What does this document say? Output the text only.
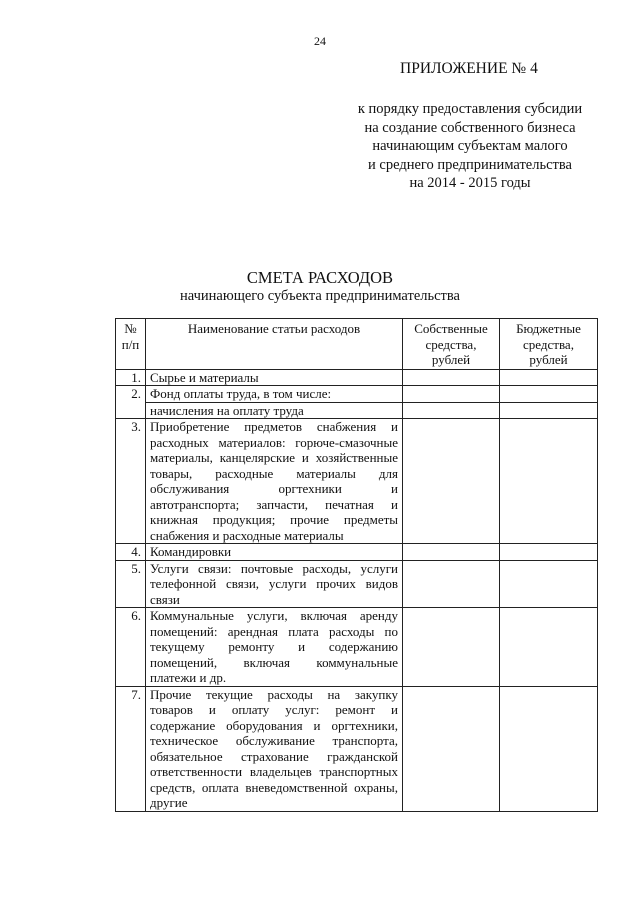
24
ПРИЛОЖЕНИЕ № 4
к порядку предоставления субсидии
на создание собственного бизнеса
начинающим субъектам малого
и среднего предпринимательства
на 2014 - 2015 годы
СМЕТА РАСХОДОВ
начинающего субъекта предпринимательства
№ п/п	Наименование статьи расходов	Собственные средства, рублей	Бюджетные средства, рублей
1.	Сырье и материалы		
2.	Фонд оплаты труда, в том числе:		
	начисления на оплату труда		
3.	Приобретение предметов снабжения и расходных материалов: горюче-смазочные материалы, канцелярские и хозяйственные товары, расходные материалы для обслуживания оргтехники и автотранспорта; запчасти, печатная и книжная продукция; прочие предметы снабжения и расходные материалы		
4.	Командировки		
5.	Услуги связи: почтовые расходы, услуги телефонной связи, услуги прочих видов связи		
6.	Коммунальные услуги, включая аренду помещений: арендная плата расходы по текущему ремонту и содержанию помещений, включая коммунальные платежи и др.		
7.	Прочие текущие расходы на закупку товаров и оплату услуг: ремонт и содержание оборудования и оргтехники, техническое обслуживание транспорта, обязательное страхование гражданской ответственности владельцев транспортных средств, оплата вневедомственной охраны, другие		
